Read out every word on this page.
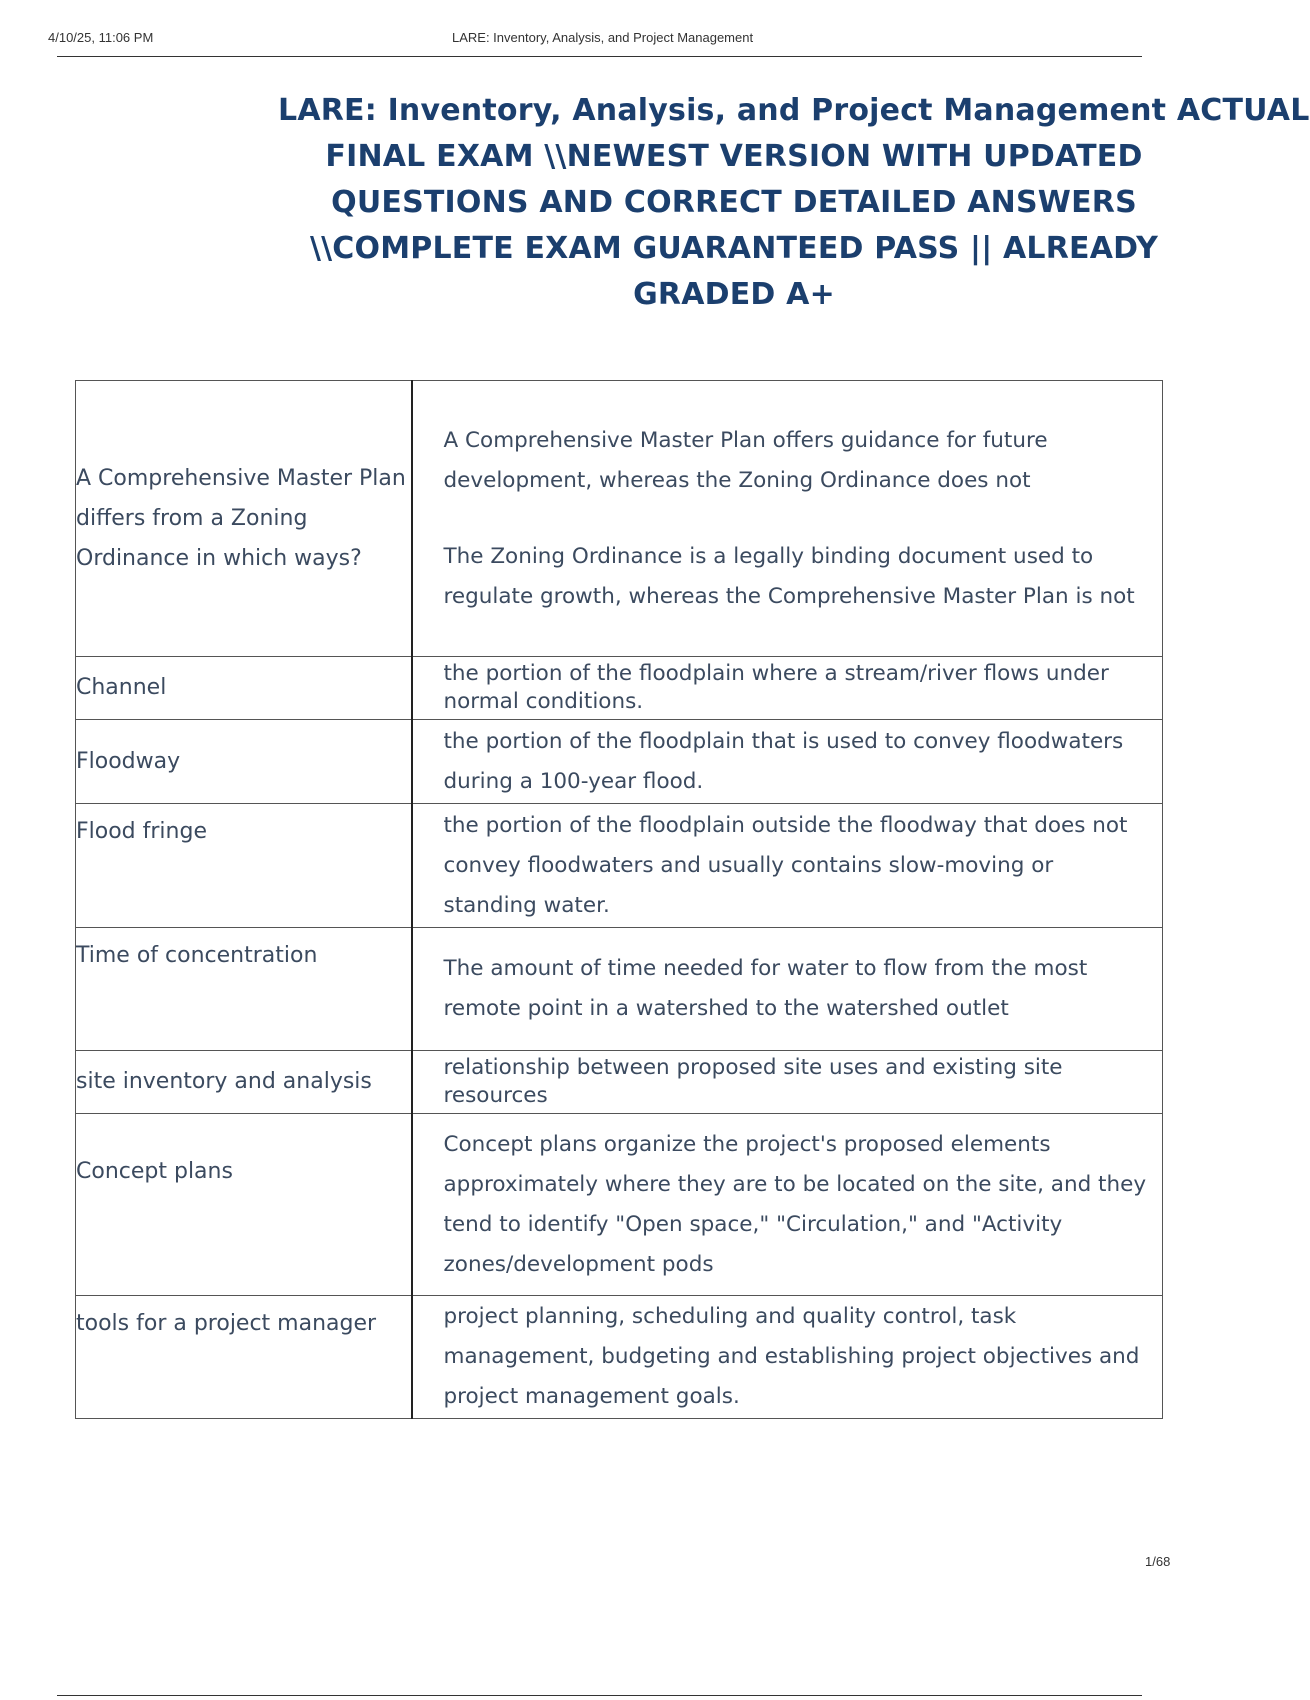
4/10/25, 11:06 PM	LARE: Inventory, Analysis, and Project Management
LARE: Inventory, Analysis, and Project Management ACTUAL
FINAL EXAM \\NEWEST VERSION WITH UPDATED
QUESTIONS AND CORRECT DETAILED ANSWERS
\\COMPLETE EXAM GUARANTEED PASS || ALREADY
GRADED A+
A Comprehensive Master Plan differs from a Zoning Ordinance in which ways?	A Comprehensive Master Plan offers guidance for future development, whereas the Zoning Ordinance does not

The Zoning Ordinance is a legally binding document used to regulate growth, whereas the Comprehensive Master Plan is not

Channel	the portion of the floodplain where a stream/river flows under normal conditions.
Floodway	the portion of the floodplain that is used to convey floodwaters during a 100-year flood.
Flood fringe	the portion of the floodplain outside the floodway that does not convey floodwaters and usually contains slow-moving or standing water.
Time of concentration	The amount of time needed for water to flow from the most remote point in a watershed to the watershed outlet
site inventory and analysis	relationship between proposed site uses and existing site resources
Concept plans	Concept plans organize the project's proposed elements approximately where they are to be located on the site, and they tend to identify "Open space," "Circulation," and "Activity zones/development pods
tools for a project manager	project planning, scheduling and quality control, task management, budgeting and establishing project objectives and project management goals.
1/68
